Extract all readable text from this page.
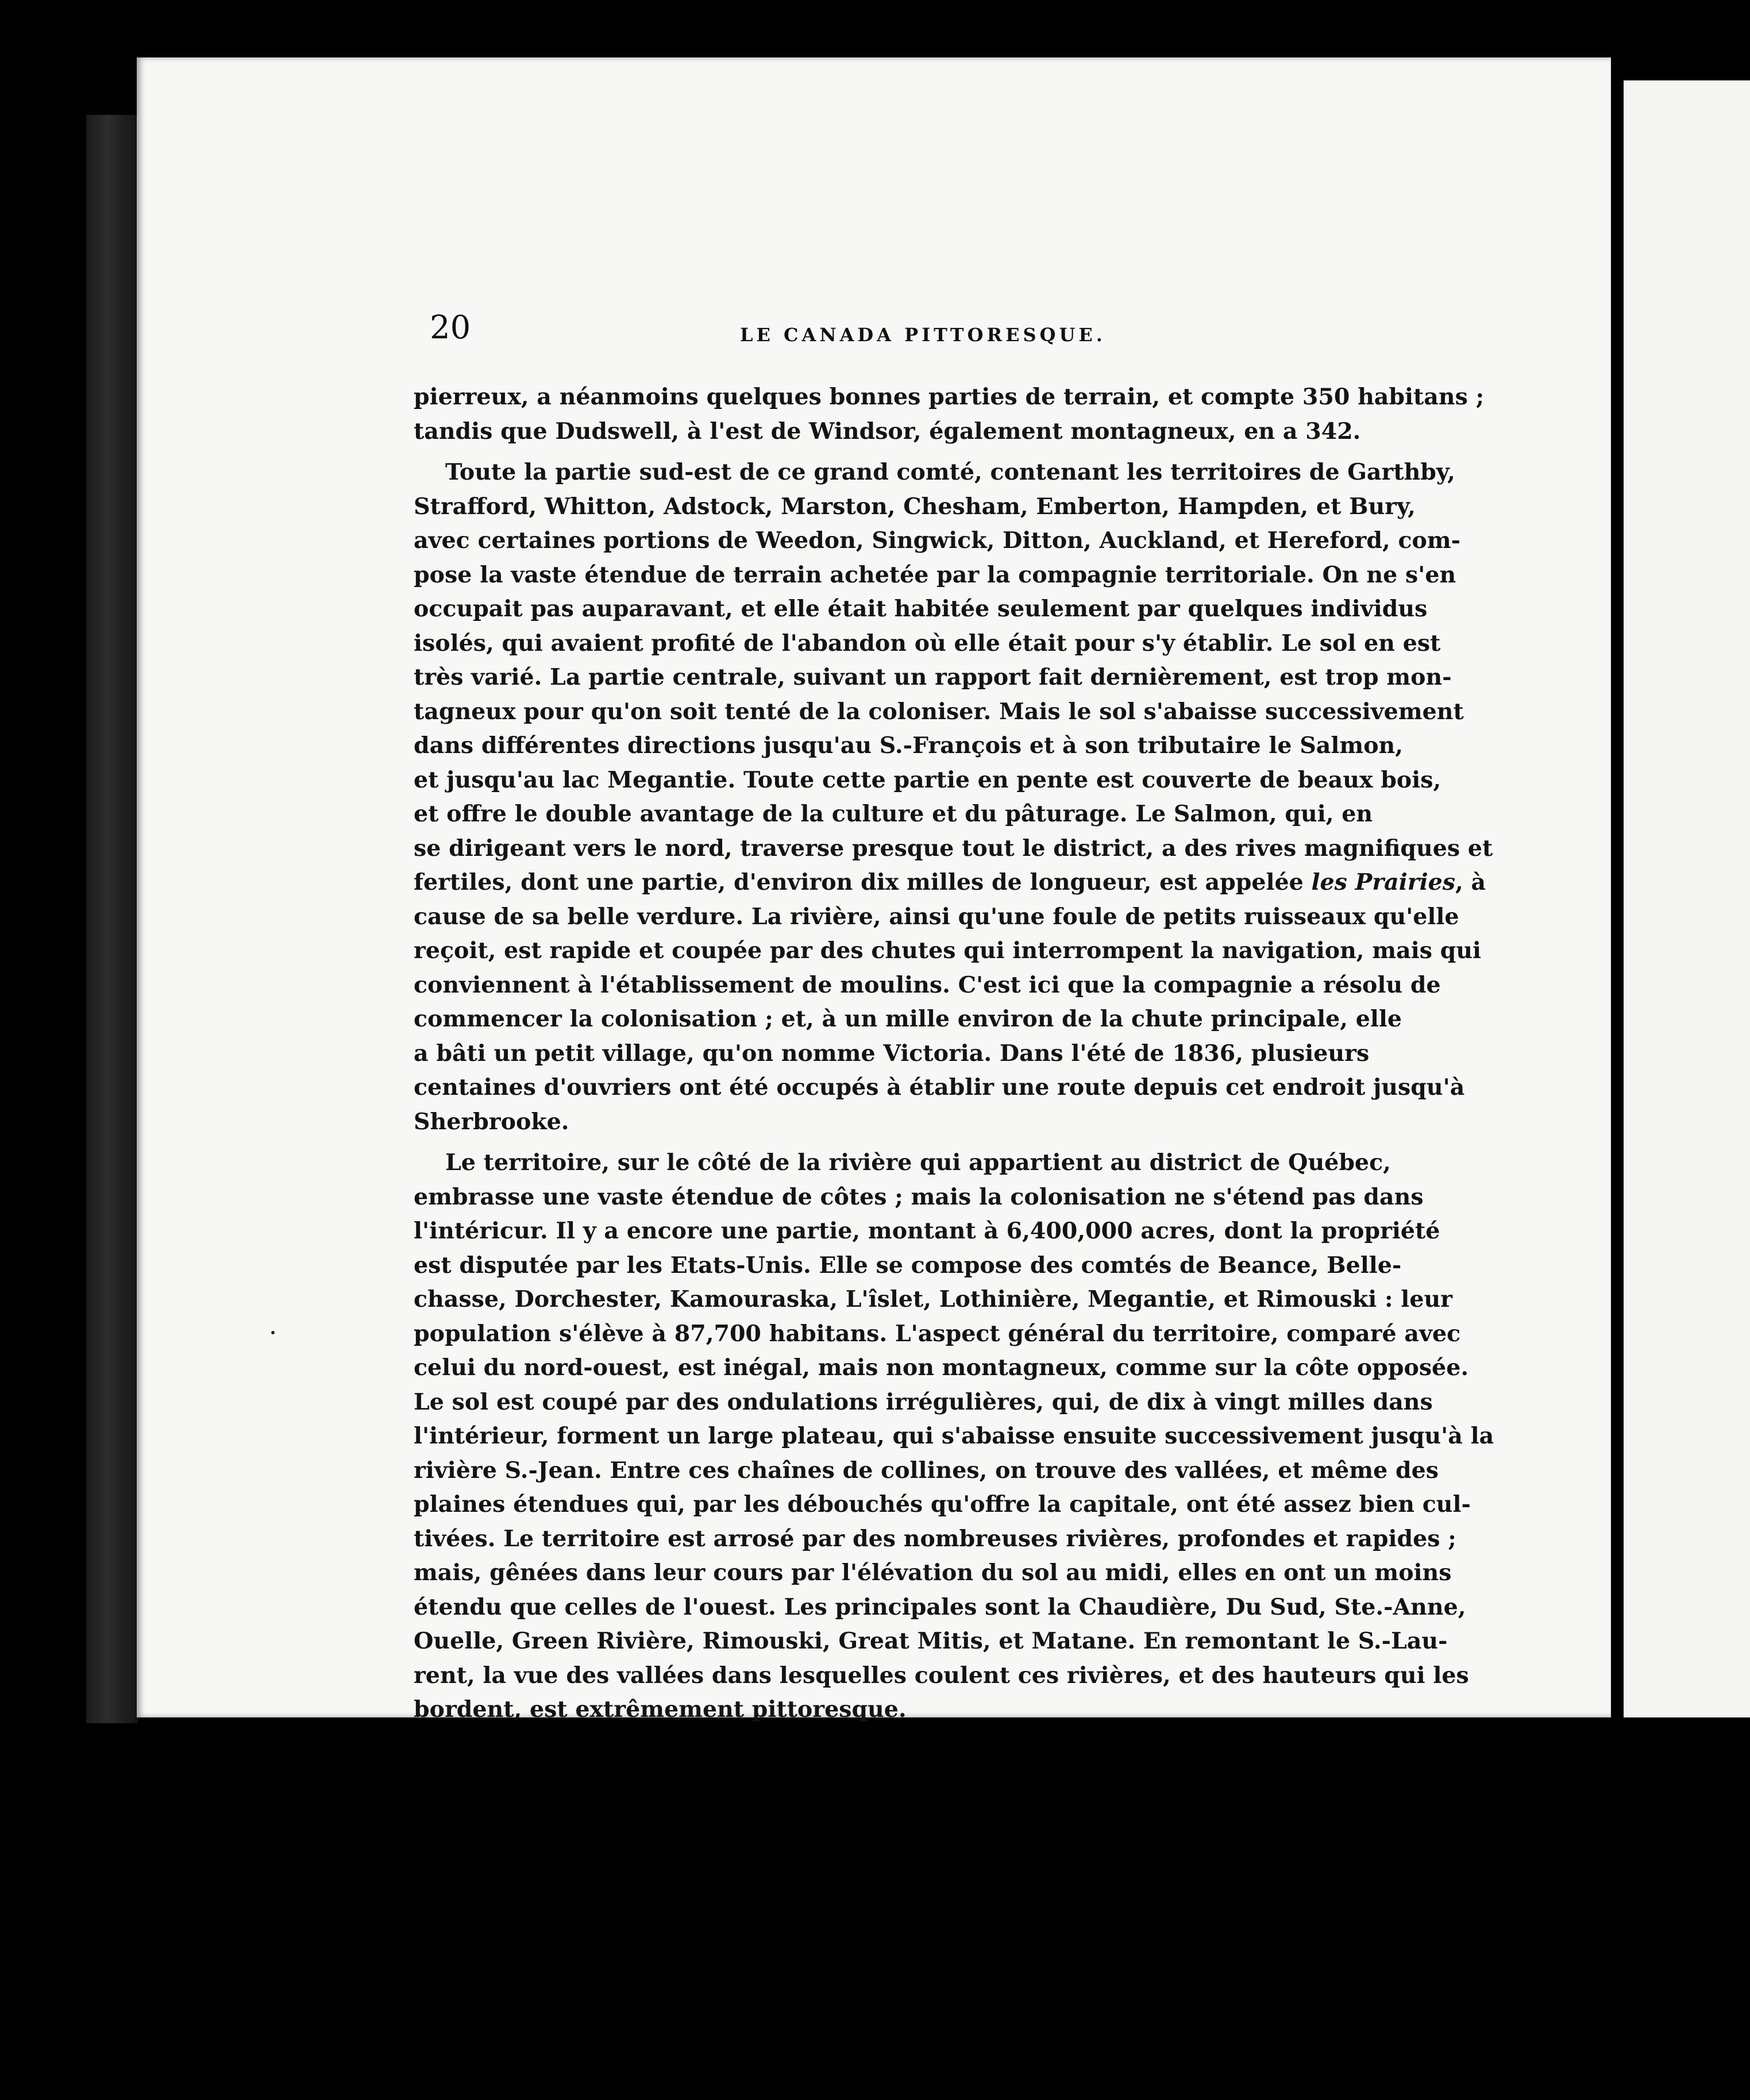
20	LE CANADA PITTORESQUE.
pierreux, a néanmoins quelques bonnes parties de terrain, et compte 350 habitans ;
tandis que Dudswell, à l'est de Windsor, également montagneux, en a 342.
Toute la partie sud-est de ce grand comté, contenant les territoires de Garthby,
Strafford, Whitton, Adstock, Marston, Chesham, Emberton, Hampden, et Bury,
avec certaines portions de Weedon, Singwick, Ditton, Auckland, et Hereford, com-
pose la vaste étendue de terrain achetée par la compagnie territoriale. On ne s'en
occupait pas auparavant, et elle était habitée seulement par quelques individus
isolés, qui avaient profité de l'abandon où elle était pour s'y établir. Le sol en est
très varié. La partie centrale, suivant un rapport fait dernièrement, est trop mon-
tagneux pour qu'on soit tenté de la coloniser. Mais le sol s'abaisse successivement
dans différentes directions jusqu'au S.-François et à son tributaire le Salmon,
et jusqu'au lac Megantie. Toute cette partie en pente est couverte de beaux bois,
et offre le double avantage de la culture et du pâturage. Le Salmon, qui, en
se dirigeant vers le nord, traverse presque tout le district, a des rives magnifiques et
fertiles, dont une partie, d'environ dix milles de longueur, est appelée les Prairies, à
cause de sa belle verdure. La rivière, ainsi qu'une foule de petits ruisseaux qu'elle
reçoit, est rapide et coupée par des chutes qui interrompent la navigation, mais qui
conviennent à l'établissement de moulins. C'est ici que la compagnie a résolu de
commencer la colonisation ; et, à un mille environ de la chute principale, elle
a bâti un petit village, qu'on nomme Victoria. Dans l'été de 1836, plusieurs
centaines d'ouvriers ont été occupés à établir une route depuis cet endroit jusqu'à
Sherbrooke.
Le territoire, sur le côté de la rivière qui appartient au district de Québec,
embrasse une vaste étendue de côtes ; mais la colonisation ne s'étend pas dans
l'intéricur. Il y a encore une partie, montant à 6,400,000 acres, dont la propriété
est disputée par les Etats-Unis. Elle se compose des comtés de Beance, Belle-
chasse, Dorchester, Kamouraska, L'îslet, Lothinière, Megantie, et Rimouski : leur
population s'élève à 87,700 habitans. L'aspect général du territoire, comparé avec
celui du nord-ouest, est inégal, mais non montagneux, comme sur la côte opposée.
Le sol est coupé par des ondulations irrégulières, qui, de dix à vingt milles dans
l'intérieur, forment un large plateau, qui s'abaisse ensuite successivement jusqu'à la
rivière S.-Jean. Entre ces chaînes de collines, on trouve des vallées, et même des
plaines étendues qui, par les débouchés qu'offre la capitale, ont été assez bien cul-
tivées. Le territoire est arrosé par des nombreuses rivières, profondes et rapides ;
mais, gênées dans leur cours par l'élévation du sol au midi, elles en ont un moins
étendu que celles de l'ouest. Les principales sont la Chaudière, Du Sud, Ste.-Anne,
Ouelle, Green Rivière, Rimouski, Great Mitis, et Matane. En remontant le S.-Lau-
rent, la vue des vallées dans lesquelles coulent ces rivières, et des hauteurs qui les
bordent, est extrêmement pittoresque.
